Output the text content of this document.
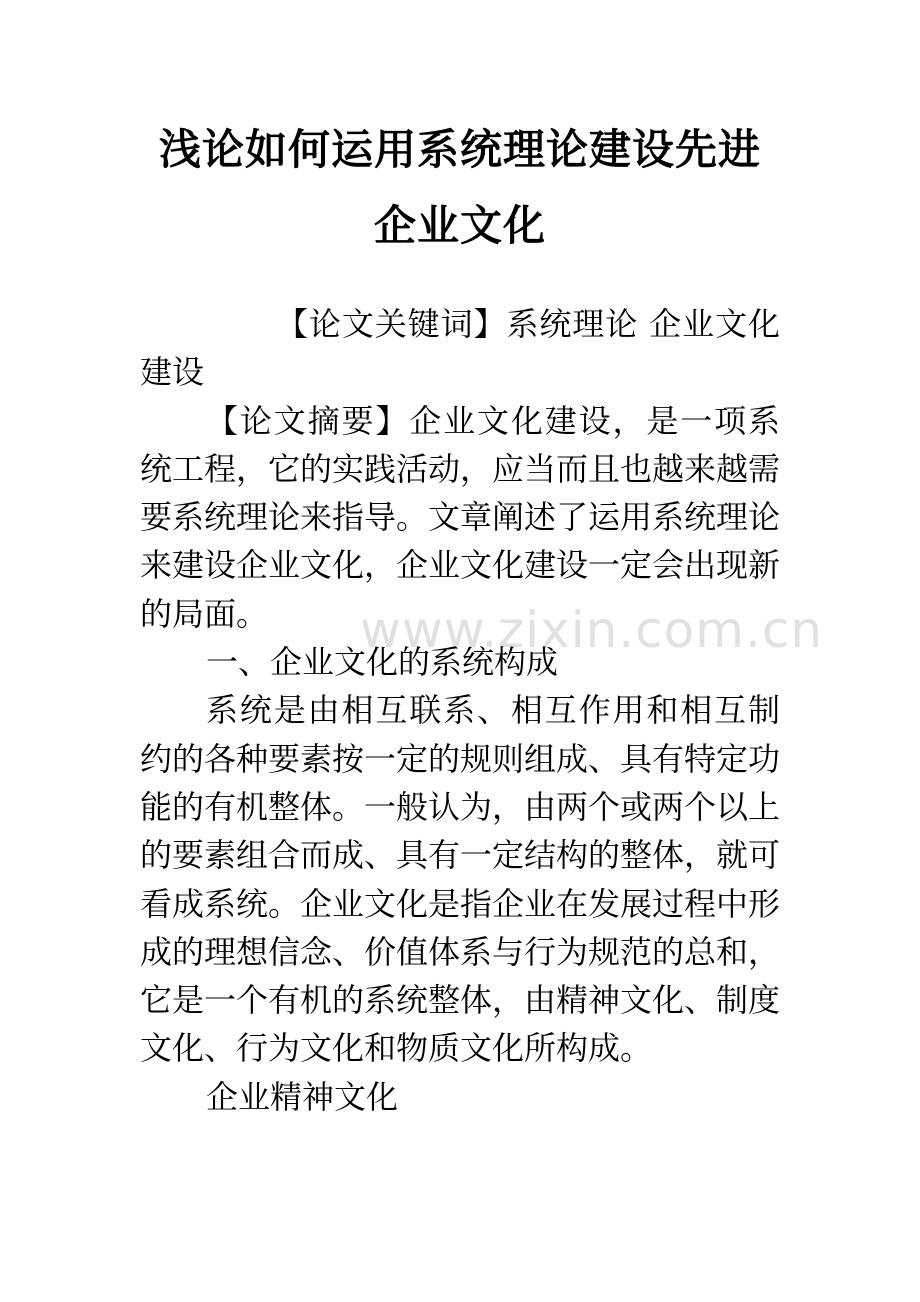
浅论如何运用系统理论建设先进企业文化

【论文关键词】系统理论 企业文化建设

【论文摘要】企业文化建设，是一项系统工程，它的实践活动，应当而且也越来越需要系统理论来指导。文章阐述了运用系统理论来建设企业文化，企业文化建设一定会出现新的局面。

一、企业文化的系统构成

系统是由相互联系、相互作用和相互制约的各种要素按一定的规则组成、具有特定功能的有机整体。一般认为，由两个或两个以上的要素组合而成、具有一定结构的整体，就可看成系统。企业文化是指企业在发展过程中形成的理想信念、价值体系与行为规范的总和，它是一个有机的系统整体，由精神文化、制度文化、行为文化和物质文化所构成。

企业精神文化

www.zixin.com.cn
